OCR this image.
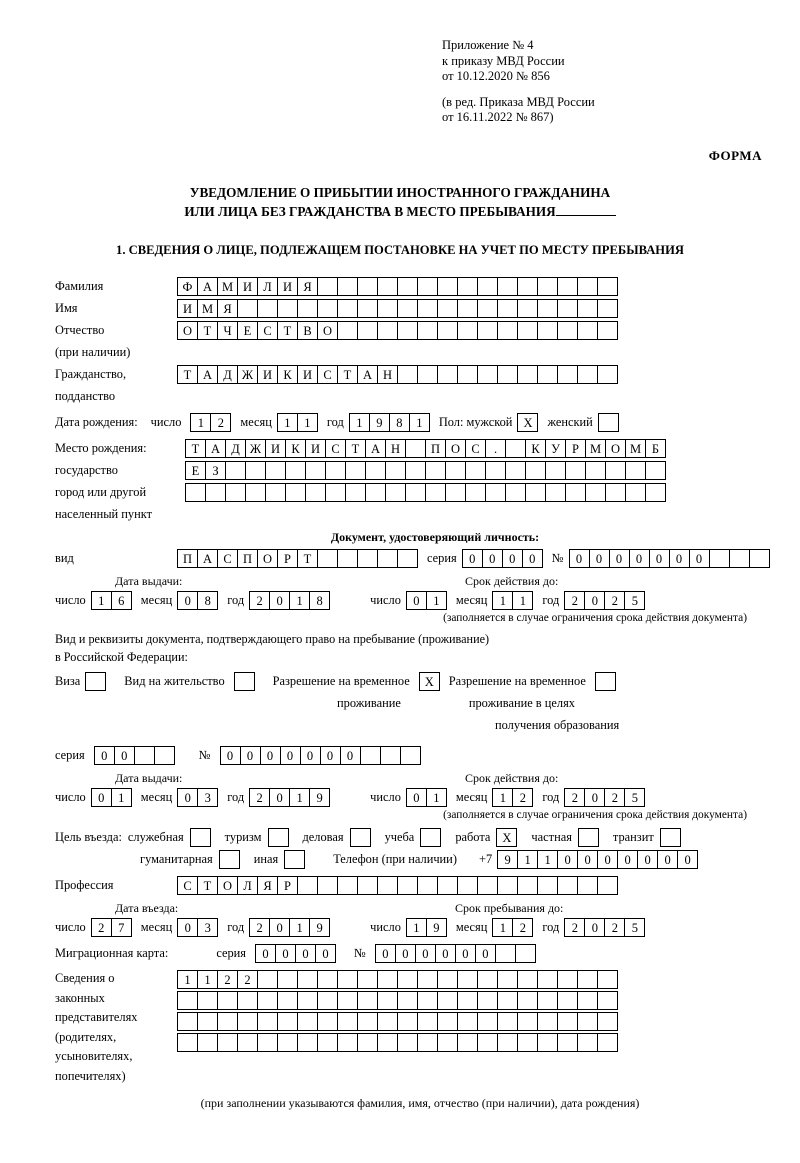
Приложение № 4
к приказу МВД России
от 10.12.2020 № 856
(в ред. Приказа МВД России
от 16.11.2022 № 867)
ФОРМА
УВЕДОМЛЕНИЕ О ПРИБЫТИИ ИНОСТРАННОГО ГРАЖДАНИНА
ИЛИ ЛИЦА БЕЗ ГРАЖДАНСТВА В МЕСТО ПРЕБЫВАНИЯ
1. СВЕДЕНИЯ О ЛИЦЕ, ПОДЛЕЖАЩЕМ ПОСТАНОВКЕ НА УЧЕТ ПО МЕСТУ ПРЕБЫВАНИЯ
Фамилия	Ф А М И Л И Я
Имя	И М Я
Отчество	О Т Ч Е С Т В О
(при наличии)
Гражданство,	Т А Д Ж И К И С Т А Н
подданство
Дата рождения: число	1	2	месяц 1	1	год 1	9	8	1	Пол: мужской X	женский
Место рождения:	Т А Д Ж И К И С Т А Н	П О С	.	К У Р М О М Б
государство	Е	З
город или другой
населенный пункт
Документ, удостоверяющий личность:
вид	П А С П О Р	Т	серия 0	0	0	0	№ 0	0	0	0	0	0	0
Дата выдачи:	Срок действия до:
число 1	6	месяц 0	8	год 2	0	1	8	число 0	1	месяц 1	1	год 2	0	2	5
(заполняется в случае ограничения срока действия документа)
Вид и реквизиты документа, подтверждающего право на пребывание (проживание)
в Российской Федерации:
Виза	Вид на жительство	Разрешение на временное	X	Разрешение на временное
проживание	проживание в целях
получения образования
серия	0	0	№	0	0	0	0	0	0	0
Дата выдачи:	Срок действия до:
число 0	1	месяц 0	3	год 2	0	1	9	число 0	1	месяц 1	2	год 2	0	2	5
(заполняется в случае ограничения срока действия документа)
Цель въезда: служебная	туризм	деловая	учеба	работа X	частная	транзит
гуманитарная	иная	Телефон (при наличии) +7 9	1	1	0	0	0	0	0	0	0
Профессия	С Т О Л Я Р
Дата въезда:	Срок пребывания до:
число 2	7	месяц 0	3	год 2	0	1	9	число 1	9	месяц 1	2	год 2	0	2	5
Миграционная карта:	серия	0	0	0	0	№	0	0	0	0	0	0
Сведения о
законных
представителях
(родителях,
усыновителях,
попечителях)
1	1	2	2
(при заполнении указываются фамилия, имя, отчество (при наличии), дата рождения)
